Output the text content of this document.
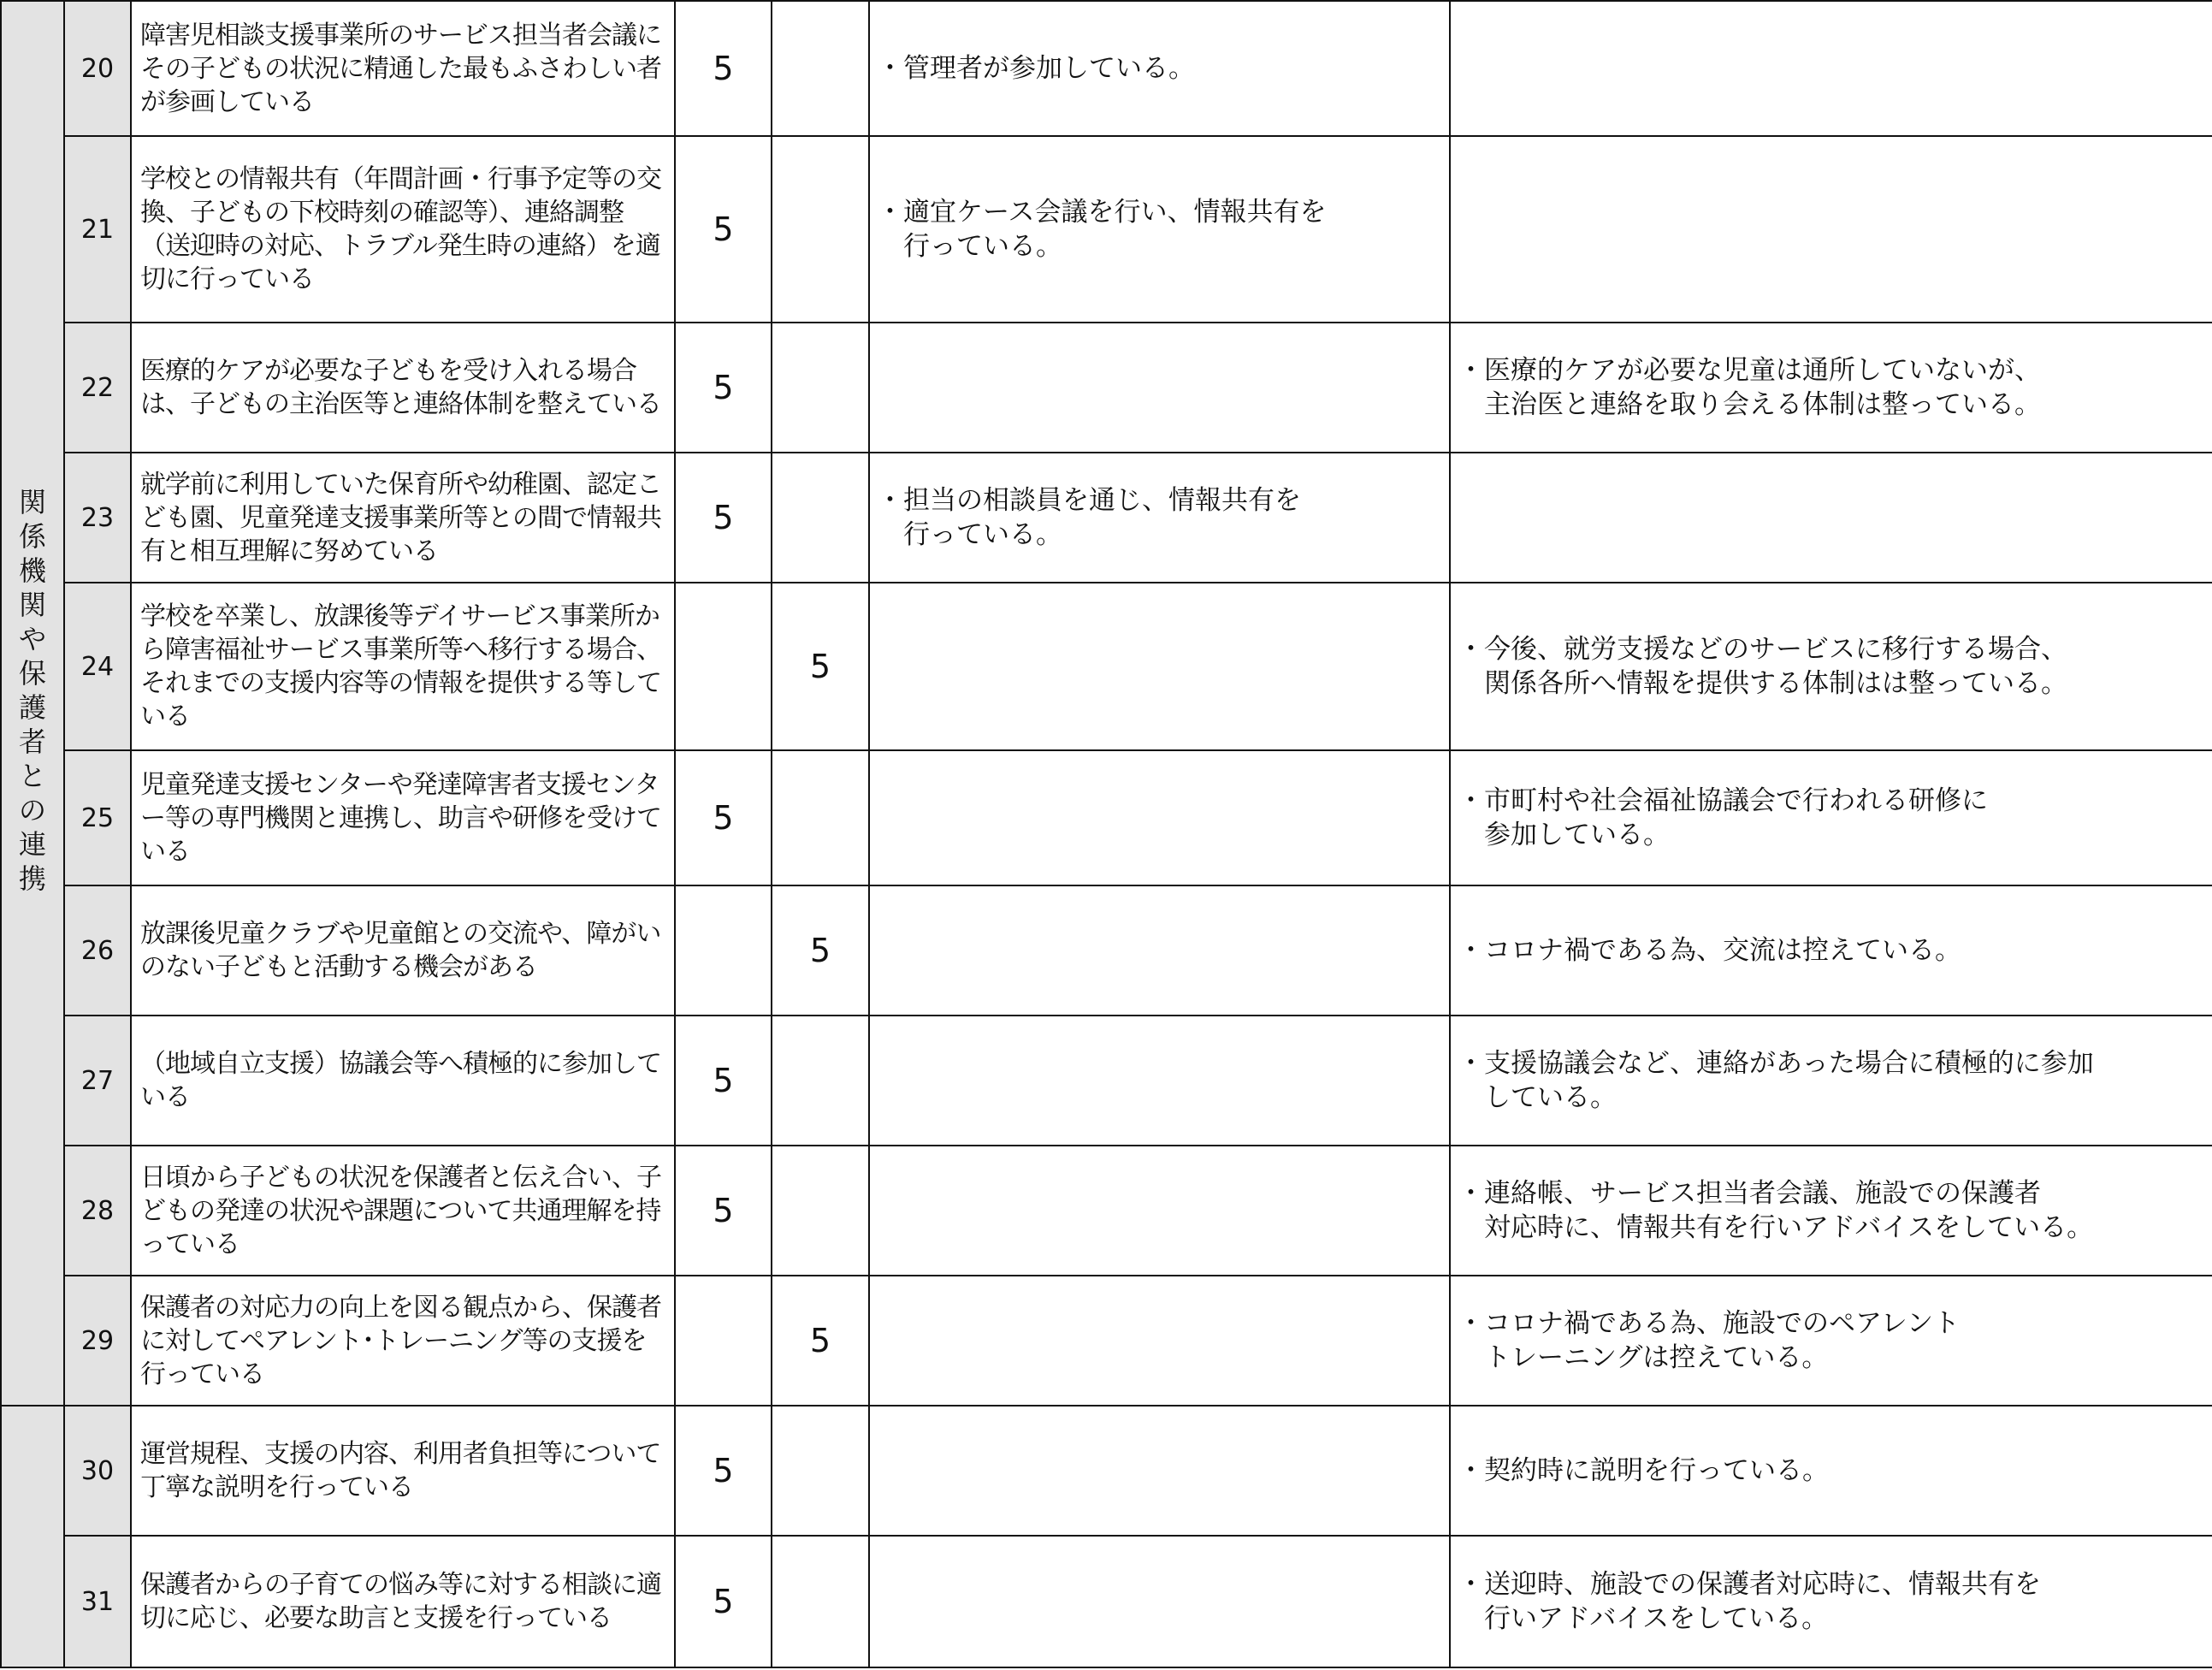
関係機関や保護者との連携	20	障害児相談支援事業所のサービス担当者会議にその子どもの状況に精通した最もふさわしい者が参画している	5		・管理者が参加している。	
	21	学校との情報共有（年間計画・行事予定等の交換、子どもの下校時刻の確認等）、連絡調整（送迎時の対応、トラブル発生時の連絡）を適切に行っている	5		・適宜ケース会議を行い、情報共有を
　行っている。	
	22	医療的ケアが必要な子どもを受け入れる場合は、子どもの主治医等と連絡体制を整えている	5			・医療的ケアが必要な児童は通所していないが、
　主治医と連絡を取り会える体制は整っている。
	23	就学前に利用していた保育所や幼稚園、認定こども園、児童発達支援事業所等との間で情報共有と相互理解に努めている	5		・担当の相談員を通じ、情報共有を
　行っている。	
	24	学校を卒業し、放課後等デイサービス事業所から障害福祉サービス事業所等へ移行する場合、それまでの支援内容等の情報を提供する等している		5		・今後、就労支援などのサービスに移行する場合、
　関係各所へ情報を提供する体制はは整っている。
	25	児童発達支援センターや発達障害者支援センター等の専門機関と連携し、助言や研修を受けている	5			・市町村や社会福祉協議会で行われる研修に
　参加している。
	26	放課後児童クラブや児童館との交流や、障がいのない子どもと活動する機会がある		5		・コロナ禍である為、交流は控えている。
	27	（地域自立支援）協議会等へ積極的に参加している	5			・支援協議会など、連絡があった場合に積極的に参加
　している。
	28	日頃から子どもの状況を保護者と伝え合い、子どもの発達の状況や課題について共通理解を持っている	5			・連絡帳、サービス担当者会議、施設での保護者
　対応時に、情報共有を行いアドバイスをしている。
	29	保護者の対応力の向上を図る観点から、保護者に対してペアレント･トレーニング等の支援を行っている		5		・コロナ禍である為、施設でのペアレント
　トレーニングは控えている。
	30	運営規程、支援の内容、利用者負担等について丁寧な説明を行っている	5			・契約時に説明を行っている。
	31	保護者からの子育ての悩み等に対する相談に適切に応じ、必要な助言と支援を行っている	5			・送迎時、施設での保護者対応時に、情報共有を
　行いアドバイスをしている。
